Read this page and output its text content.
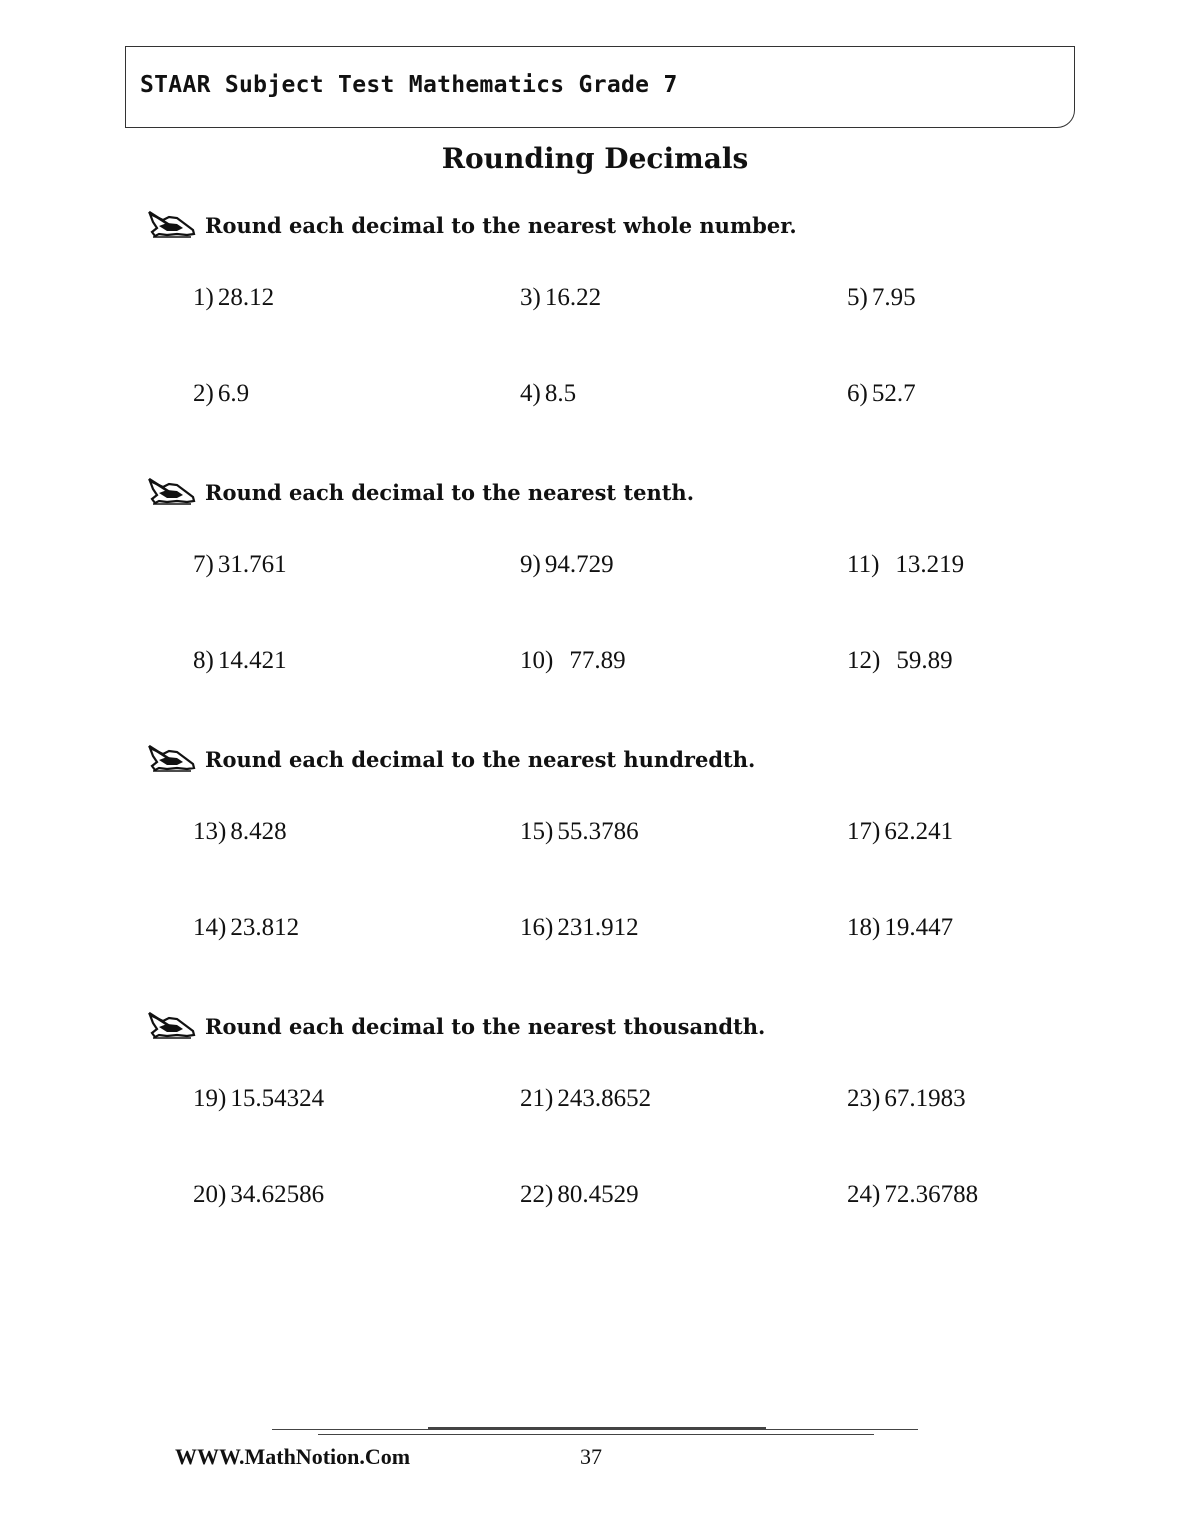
STAAR Subject Test Mathematics Grade 7
Rounding Decimals
Round each decimal to the nearest whole number.
1) 28.12	3) 16.22	5) 7.95
2) 6.9	4) 8.5	6) 52.7
Round each decimal to the nearest tenth.
7) 31.761	9) 94.729	11) 13.219
8) 14.421	10) 77.89	12) 59.89
Round each decimal to the nearest hundredth.
13) 8.428	15) 55.3786	17) 62.241
14) 23.812	16) 231.912	18) 19.447
Round each decimal to the nearest thousandth.
19) 15.54324	21) 243.8652	23) 67.1983
20) 34.62586	22) 80.4529	24) 72.36788
WWW.MathNotion.Com	37
